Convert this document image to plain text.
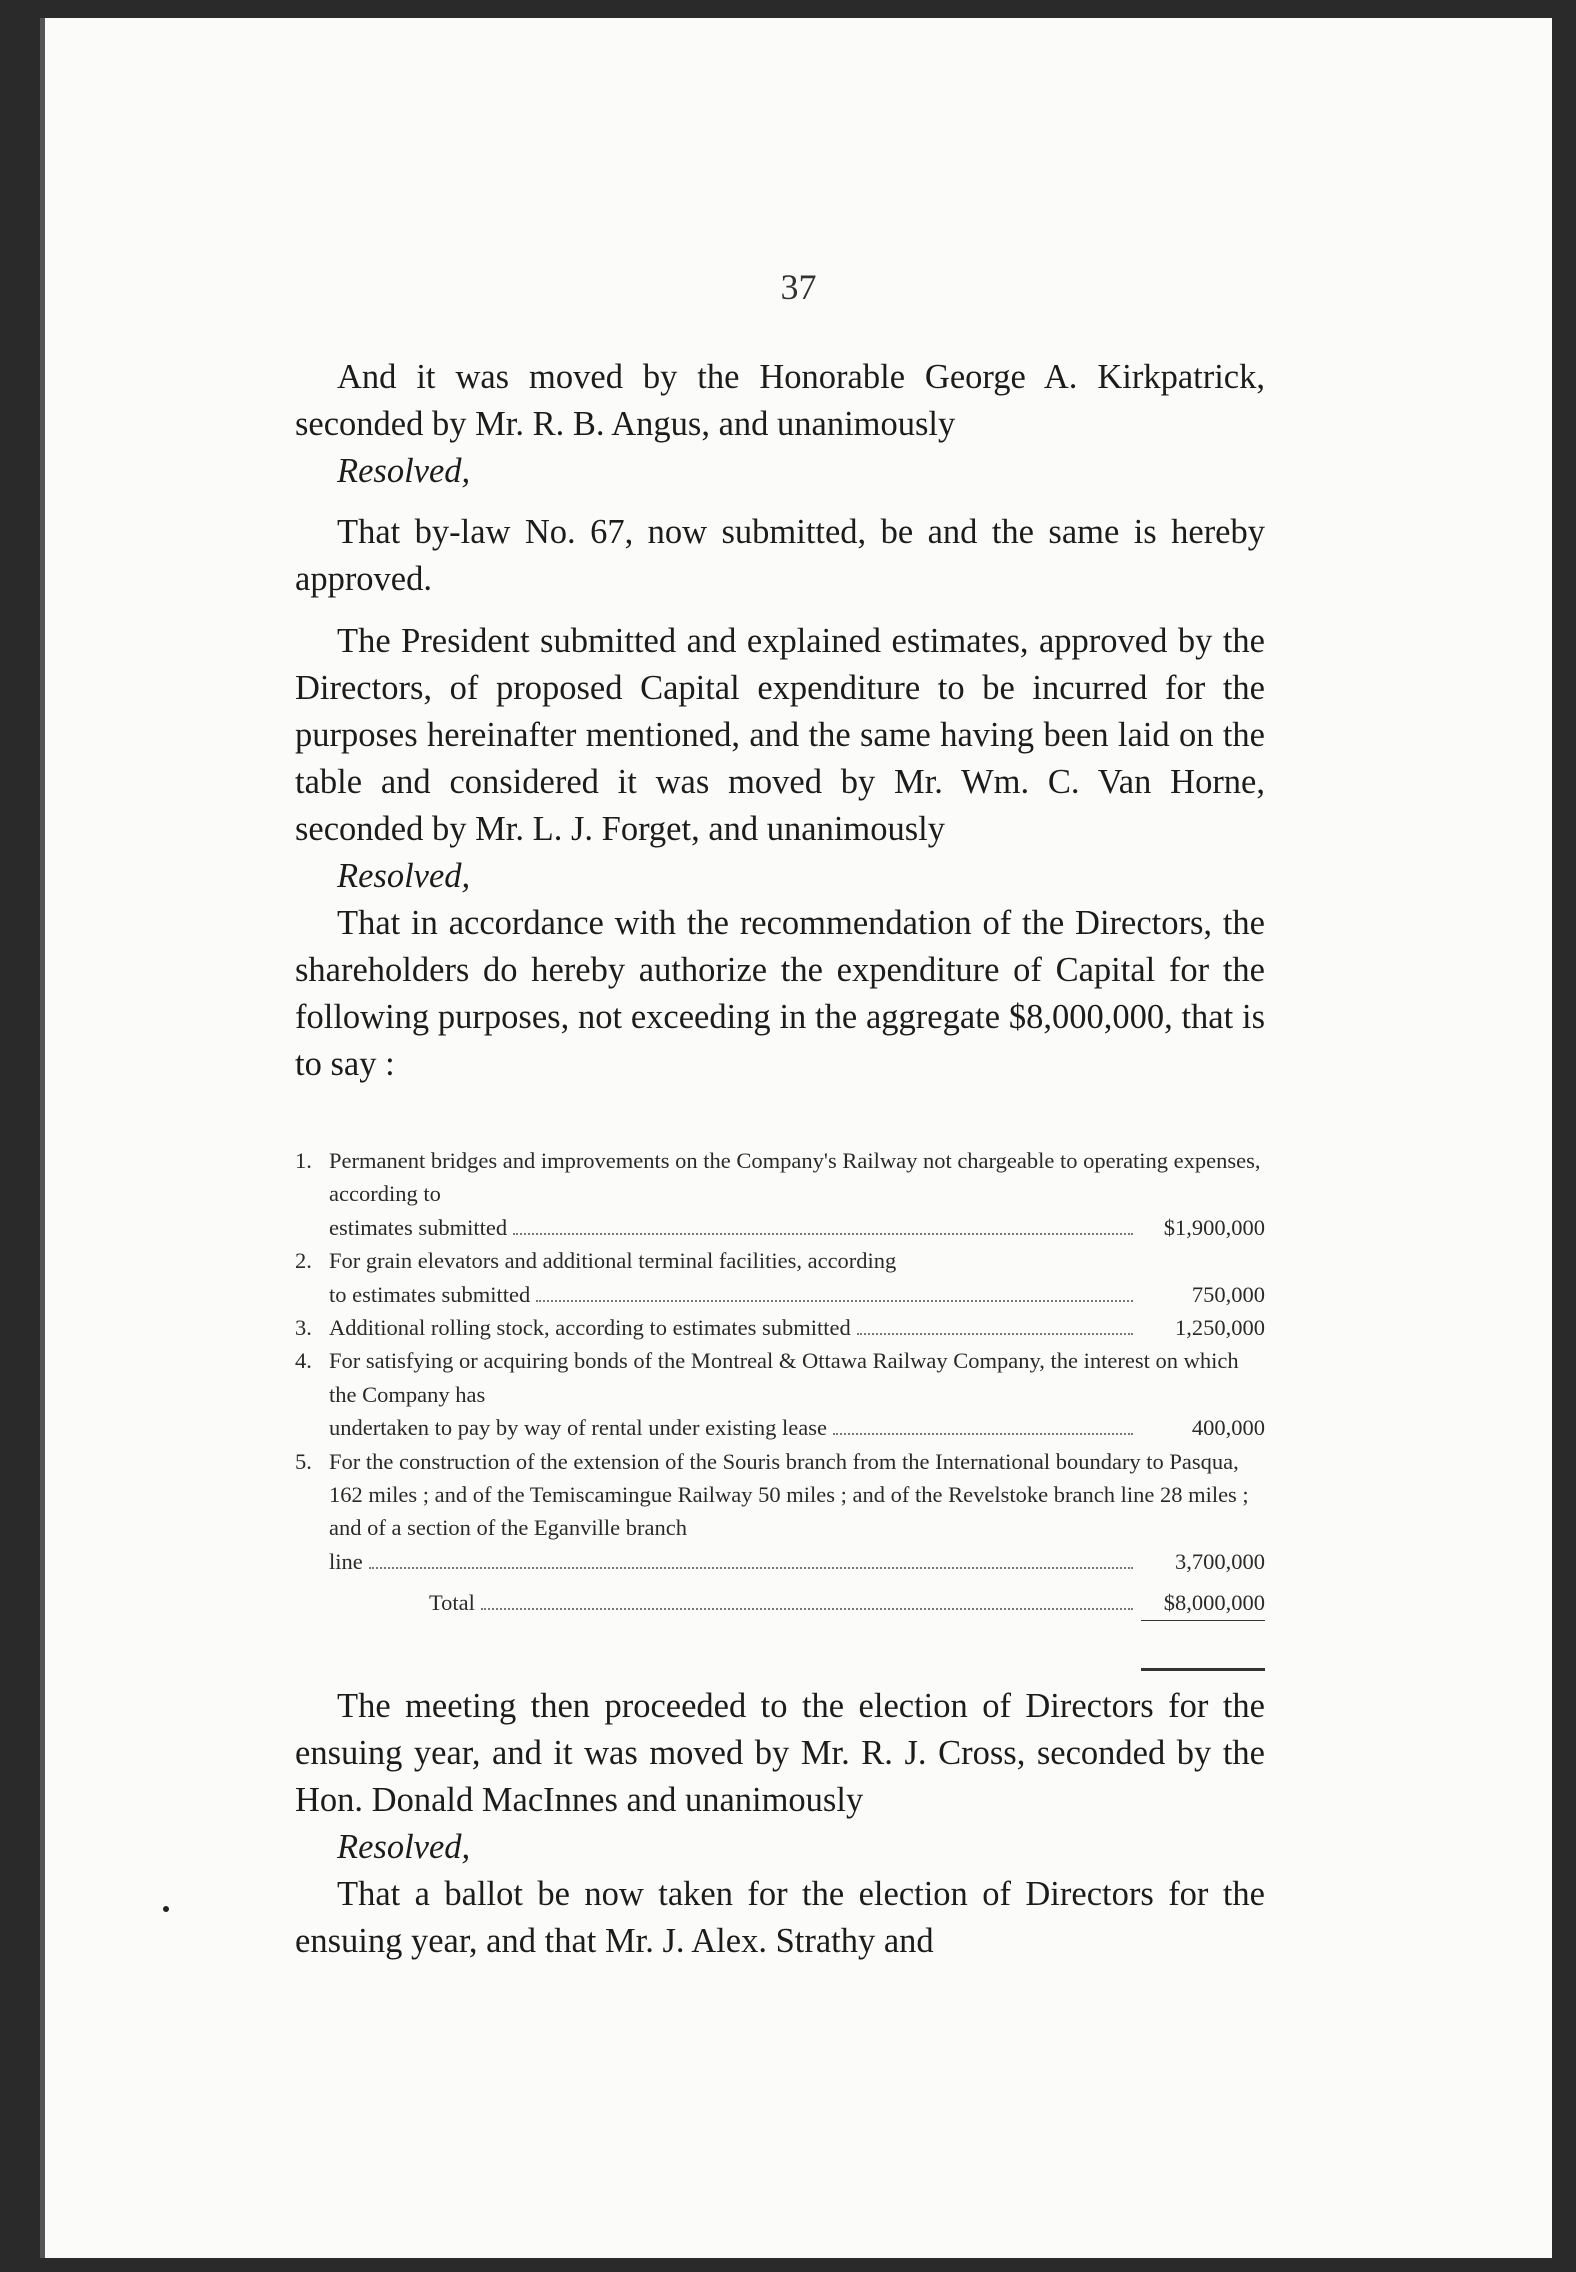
37

And it was moved by the Honorable George A. Kirkpatrick, seconded by Mr. R. B. Angus, and unanimously

Resolved,

That by-law No. 67, now submitted, be and the same is hereby approved.

The President submitted and explained estimates, approved by the Directors, of proposed Capital expenditure to be incurred for the purposes hereinafter mentioned, and the same having been laid on the table and considered it was moved by Mr. Wm. C. Van Horne, seconded by Mr. L. J. Forget, and unanimously

Resolved,

That in accordance with the recommendation of the Directors, the shareholders do hereby authorize the expenditure of Capital for the following purposes, not exceeding in the aggregate $8,000,000, that is to say :

1. Permanent bridges and improvements on the Company's Railway not chargeable to operating expenses, according to
estimates submitted	$1,900,000
2. For grain elevators and additional terminal facilities, according
to estimates submitted	750,000
3. Additional rolling stock, according to estimates submitted	1,250,000
4. For satisfying or acquiring bonds of the Montreal & Ottawa Railway Company, the interest on which the Company has
undertaken to pay by way of rental under existing lease	400,000
5. For the construction of the extension of the Souris branch from the International boundary to Pasqua, 162 miles ; and of the Temiscamingue Railway 50 miles ; and of the Revelstoke branch line 28 miles ; and of a section of the Eganville branch
line	3,700,000
Total	$8,000,000

The meeting then proceeded to the election of Directors for the ensuing year, and it was moved by Mr. R. J. Cross, seconded by the Hon. Donald MacInnes and unanimously

Resolved,

That a ballot be now taken for the election of Directors for the ensuing year, and that Mr. J. Alex. Strathy and
